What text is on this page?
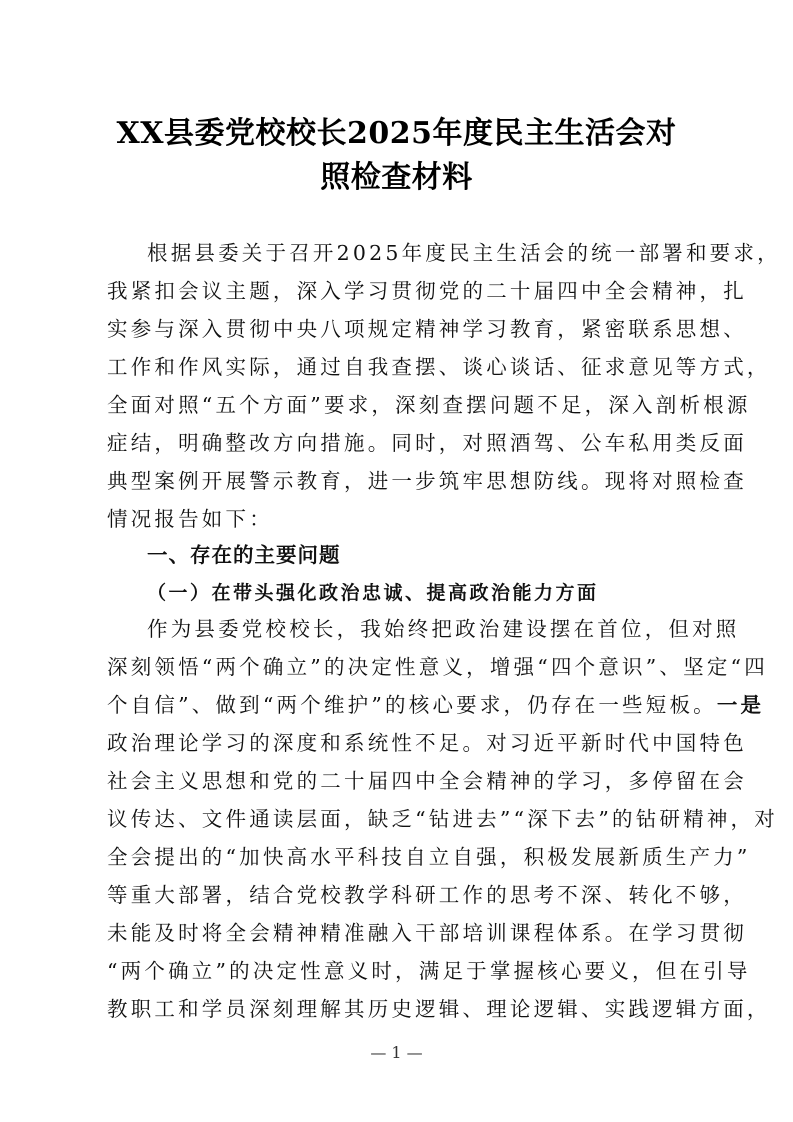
XX县委党校校长2025年度民主生活会对
照检查材料
根据县委关于召开2025年度民主生活会的统一部署和要求，
我紧扣会议主题，深入学习贯彻党的二十届四中全会精神，扎
实参与深入贯彻中央八项规定精神学习教育，紧密联系思想、
工作和作风实际，通过自我查摆、谈心谈话、征求意见等方式，
全面对照“五个方面”要求，深刻查摆问题不足，深入剖析根源
症结，明确整改方向措施。同时，对照酒驾、公车私用类反面
典型案例开展警示教育，进一步筑牢思想防线。现将对照检查
情况报告如下：
一、存在的主要问题
（一）在带头强化政治忠诚、提高政治能力方面
作为县委党校校长，我始终把政治建设摆在首位，但对照
深刻领悟“两个确立”的决定性意义，增强“四个意识”、坚定“四
个自信”、做到“两个维护”的核心要求，仍存在一些短板。一是
政治理论学习的深度和系统性不足。对习近平新时代中国特色
社会主义思想和党的二十届四中全会精神的学习，多停留在会
议传达、文件通读层面，缺乏“钻进去”“深下去”的钻研精神，对
全会提出的“加快高水平科技自立自强，积极发展新质生产力”
等重大部署，结合党校教学科研工作的思考不深、转化不够，
未能及时将全会精神精准融入干部培训课程体系。在学习贯彻
“两个确立”的决定性意义时，满足于掌握核心要义，但在引导
教职工和学员深刻理解其历史逻辑、理论逻辑、实践逻辑方面，
— 1 —
